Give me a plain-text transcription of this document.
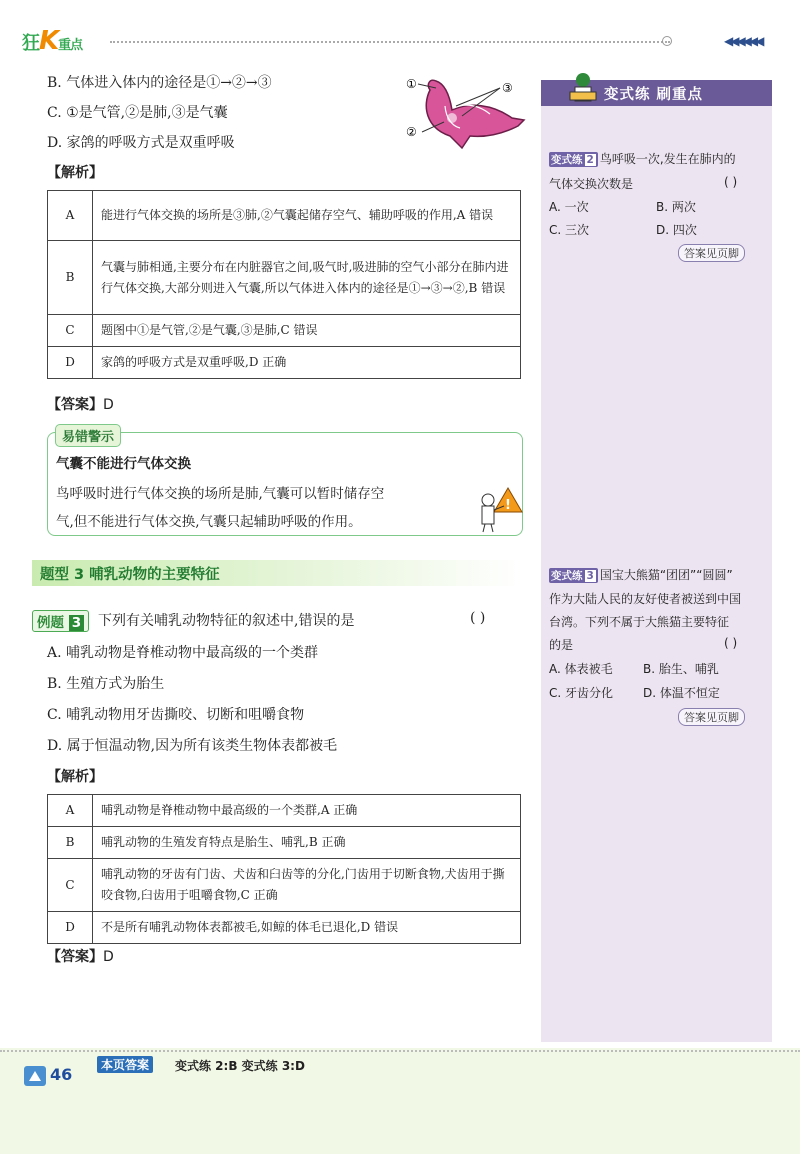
狂K重点	◀◀◀◀◀◀
B. 气体进入体内的途径是①→②→③
C. ①是气管,②是肺,③是气囊
D. 家鸽的呼吸方式是双重呼吸
①	③
②
【解析】
A	能进行气体交换的场所是③肺,②气囊起储存空气、辅助呼吸的作用,A 错误
B	气囊与肺相通,主要分布在内脏器官之间,吸气时,吸进肺的空气小部分在肺内进行气体交换,大部分则进入气囊,所以气体进入体内的途径是①→③→②,B 错误
C	题图中①是气管,②是气囊,③是肺,C 错误
D	家鸽的呼吸方式是双重呼吸,D 正确
【答案】D
易错警示
气囊不能进行气体交换
鸟呼吸时进行气体交换的场所是肺,气囊可以暂时储存空
气,但不能进行气体交换,气囊只起辅助呼吸的作用。
!
题型 3 哺乳动物的主要特征
例题 3	下列有关哺乳动物特征的叙述中,错误的是	( )
A. 哺乳动物是脊椎动物中最高级的一个类群
B. 生殖方式为胎生
C. 哺乳动物用牙齿撕咬、切断和咀嚼食物
D. 属于恒温动物,因为所有该类生物体表都被毛
【解析】
A	哺乳动物是脊椎动物中最高级的一个类群,A 正确
B	哺乳动物的生殖发育特点是胎生、哺乳,B 正确
C	哺乳动物的牙齿有门齿、犬齿和臼齿等的分化,门齿用于切断食物,犬齿用于撕咬食物,臼齿用于咀嚼食物,C 正确
D	不是所有哺乳动物体表都被毛,如鲸的体毛已退化,D 错误
【答案】D
变式练 刷重点
变式练 2 鸟呼吸一次,发生在肺内的
气体交换次数是	( )
A. 一次	B. 两次
C. 三次	D. 四次
答案见页脚
变式练 3 国宝大熊猫“团团”“圆圆”
作为大陆人民的友好使者被送到中国
台湾。下列不属于大熊猫主要特征
的是	( )
A. 体表被毛	B. 胎生、哺乳
C. 牙齿分化 D. 体温不恒定
答案见页脚
46	本页答案	变式练 2:B 变式练 3:D
